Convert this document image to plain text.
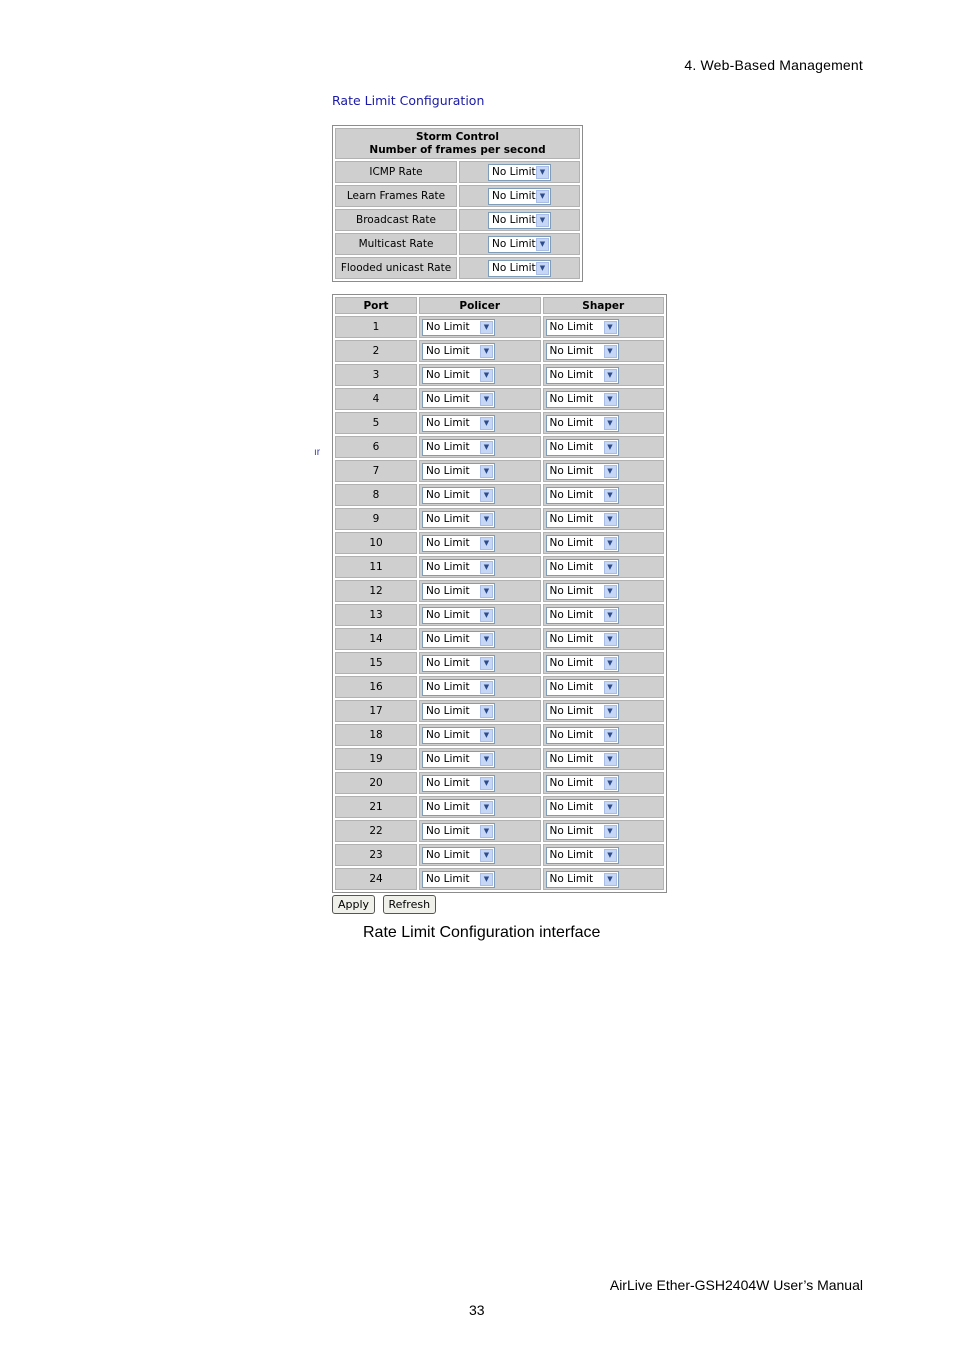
4. Web-Based Management
Rate Limit Configuration
ır
Storm Control
Number of frames per second	

ICMP Rate	No Limit ▼

Learn Frames Rate	No Limit ▼

Broadcast Rate	No Limit ▼

Multicast Rate	No Limit ▼

Flooded unicast Rate	No Limit ▼
Port	Policer	Shaper
1	No Limit ▼	No Limit ▼

2	No Limit ▼	No Limit ▼

3	No Limit ▼	No Limit ▼

4	No Limit ▼	No Limit ▼

5	No Limit ▼	No Limit ▼

6	No Limit ▼	No Limit ▼

7	No Limit ▼	No Limit ▼

8	No Limit ▼	No Limit ▼

9	No Limit ▼	No Limit ▼

10	No Limit ▼	No Limit ▼

11	No Limit ▼	No Limit ▼

12	No Limit ▼	No Limit ▼

13	No Limit ▼	No Limit ▼

14	No Limit ▼	No Limit ▼

15	No Limit ▼	No Limit ▼

16	No Limit ▼	No Limit ▼

17	No Limit ▼	No Limit ▼

18	No Limit ▼	No Limit ▼

19	No Limit ▼	No Limit ▼

20	No Limit ▼	No Limit ▼

21	No Limit ▼	No Limit ▼

22	No Limit ▼	No Limit ▼

23	No Limit ▼	No Limit ▼

24	No Limit ▼	No Limit ▼
Apply Refresh
Rate Limit Configuration interface
AirLive Ether-GSH2404W User’s Manual
33
